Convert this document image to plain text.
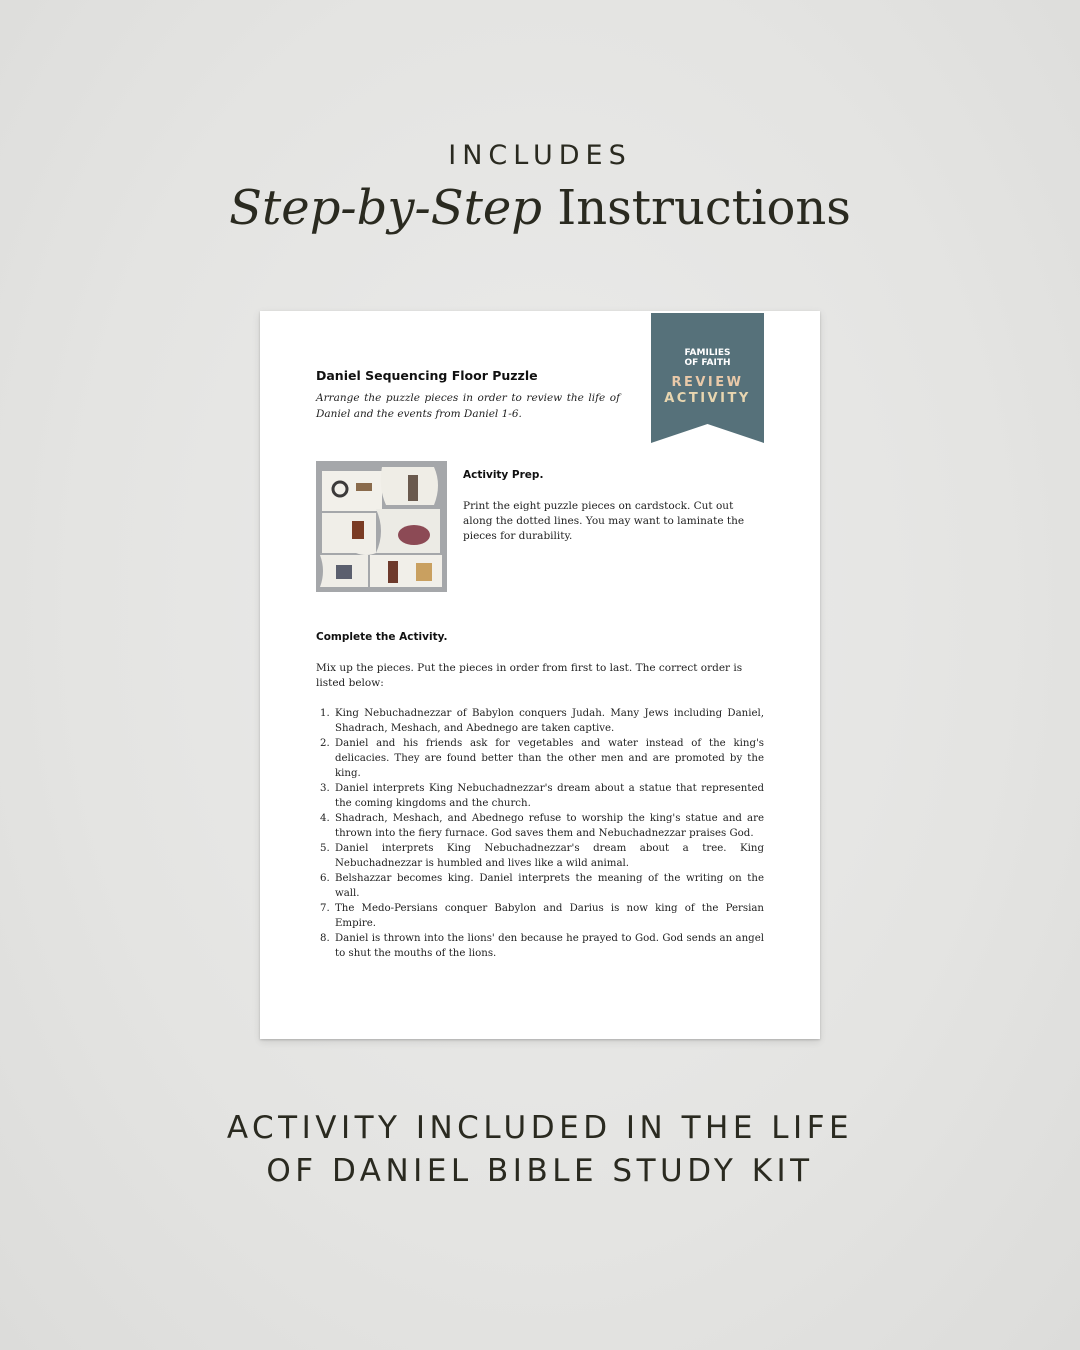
INCLUDES
Step-by-Step Instructions
FAMILIES
OF FAITH
REVIEW
ACTIVITY
Daniel Sequencing Floor Puzzle
Arrange the puzzle pieces in order to review the life of Daniel and the events from Daniel 1-6.
Activity Prep.
Print the eight puzzle pieces on cardstock. Cut out along the dotted lines. You may want to laminate the pieces for durability.
Complete the Activity.
Mix up the pieces. Put the pieces in order from first to last. The correct order is listed below:
1. King Nebuchadnezzar of Babylon conquers Judah. Many Jews including Daniel, Shadrach, Meshach, and Abednego are taken captive.
2. Daniel and his friends ask for vegetables and water instead of the king's delicacies. They are found better than the other men and are promoted by the king.
3. Daniel interprets King Nebuchadnezzar's dream about a statue that represented the coming kingdoms and the church.
4. Shadrach, Meshach, and Abednego refuse to worship the king's statue and are thrown into the fiery furnace. God saves them and Nebuchadnezzar praises God.
5. Daniel interprets King Nebuchadnezzar's dream about a tree. King Nebuchadnezzar is humbled and lives like a wild animal.
6. Belshazzar becomes king. Daniel interprets the meaning of the writing on the wall.
7. The Medo-Persians conquer Babylon and Darius is now king of the Persian Empire.
8. Daniel is thrown into the lions' den because he prayed to God. God sends an angel to shut the mouths of the lions.
ACTIVITY INCLUDED IN THE LIFE
OF DANIEL BIBLE STUDY KIT
